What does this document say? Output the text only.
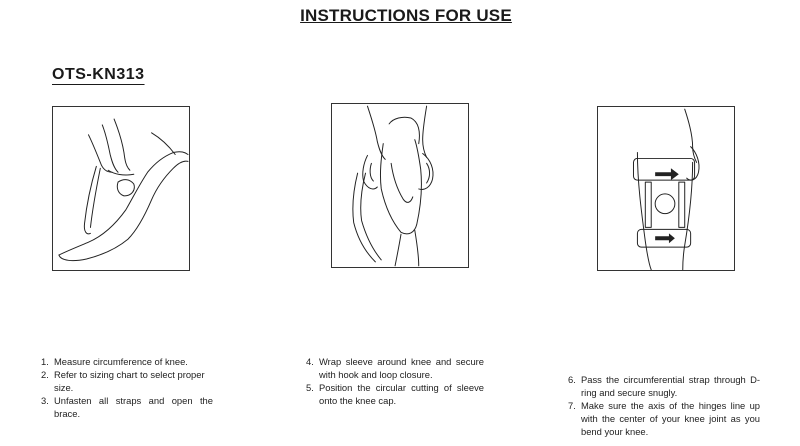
INSTRUCTIONS FOR USE
OTS-KN313
1. Measure circumference of knee.
2. Refer to sizing chart to select proper size.
3. Unfasten all straps and open the brace.
4. Wrap sleeve around knee and secure with hook and loop closure.
5. Position the circular cutting of sleeve onto the knee cap.
6. Pass the circumferential strap through D-ring and secure snugly.
7. Make sure the axis of the hinges line up with the center of your knee joint as you bend your knee.
